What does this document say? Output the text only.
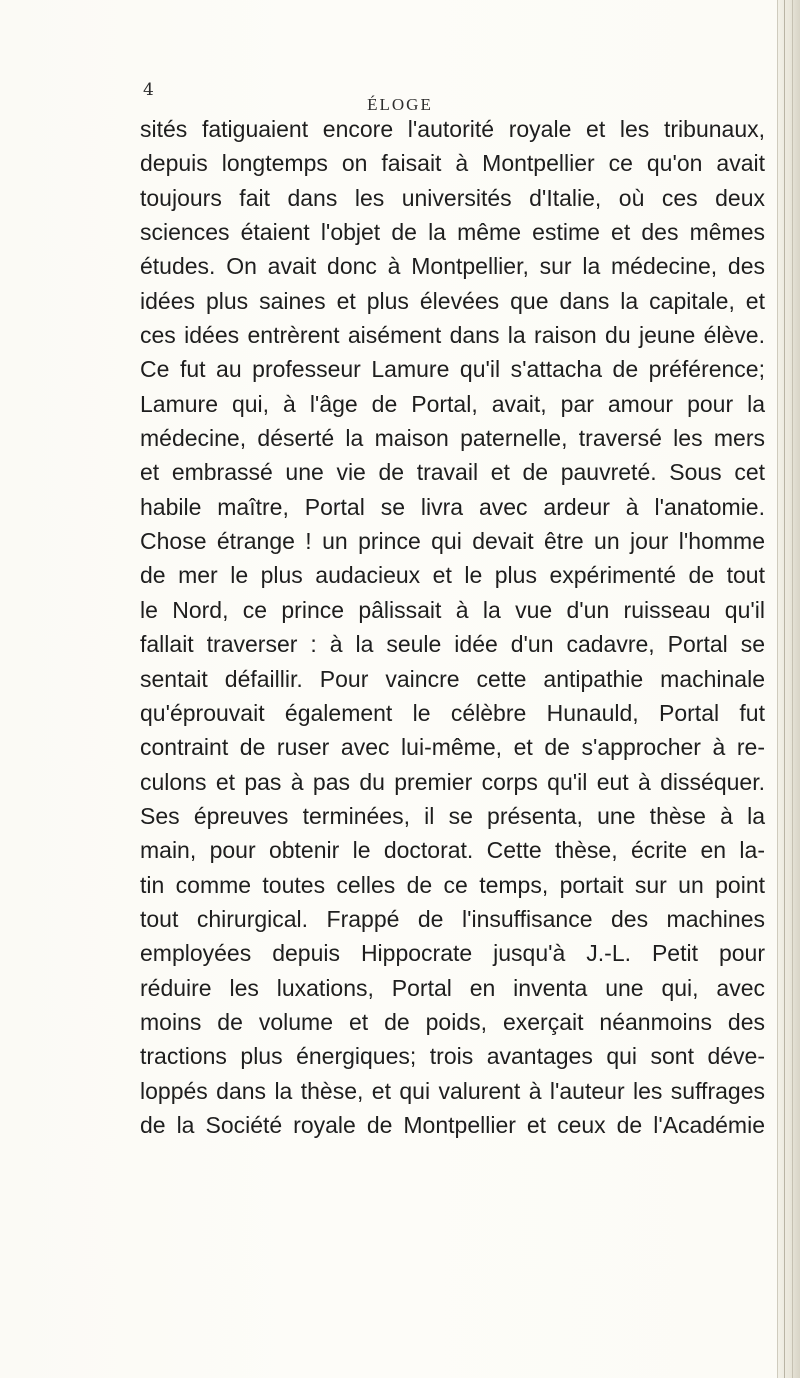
4
ÉLOGE
sités fatiguaient encore l'autorité royale et les tribunaux,
depuis longtemps on faisait à Montpellier ce qu'on avait
toujours fait dans les universités d'Italie, où ces deux
sciences étaient l'objet de la même estime et des mêmes
études. On avait donc à Montpellier, sur la médecine, des
idées plus saines et plus élevées que dans la capitale, et
ces idées entrèrent aisément dans la raison du jeune élève.
Ce fut au professeur Lamure qu'il s'attacha de préférence;
Lamure qui, à l'âge de Portal, avait, par amour pour la
médecine, déserté la maison paternelle, traversé les mers
et embrassé une vie de travail et de pauvreté. Sous cet
habile maître, Portal se livra avec ardeur à l'anatomie.
Chose étrange ! un prince qui devait être un jour l'homme
de mer le plus audacieux et le plus expérimenté de tout
le Nord, ce prince pâlissait à la vue d'un ruisseau qu'il
fallait traverser : à la seule idée d'un cadavre, Portal se
sentait défaillir. Pour vaincre cette antipathie machinale
qu'éprouvait également le célèbre Hunauld, Portal fut
contraint de ruser avec lui-même, et de s'approcher à re-
culons et pas à pas du premier corps qu'il eut à disséquer.
Ses épreuves terminées, il se présenta, une thèse à la
main, pour obtenir le doctorat. Cette thèse, écrite en la-
tin comme toutes celles de ce temps, portait sur un point
tout chirurgical. Frappé de l'insuffisance des machines
employées depuis Hippocrate jusqu'à J.-L. Petit pour
réduire les luxations, Portal en inventa une qui, avec
moins de volume et de poids, exerçait néanmoins des
tractions plus énergiques; trois avantages qui sont déve-
loppés dans la thèse, et qui valurent à l'auteur les suffrages
de la Société royale de Montpellier et ceux de l'Académie
